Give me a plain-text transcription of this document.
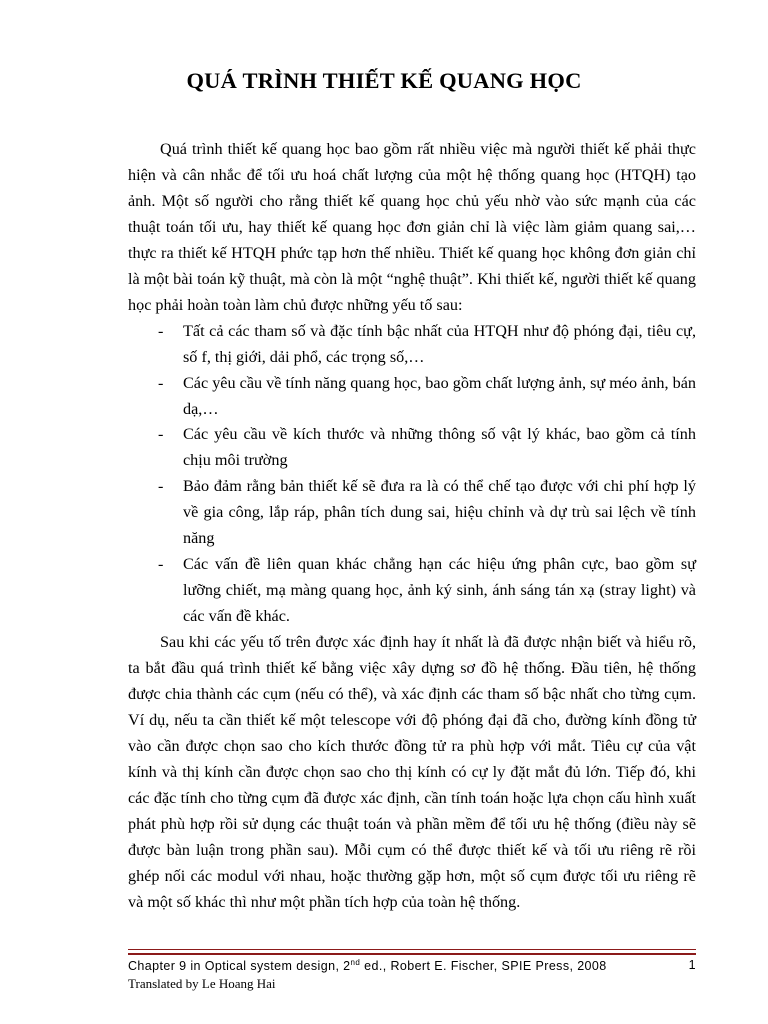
QUÁ TRÌNH THIẾT KẾ QUANG HỌC

Quá trình thiết kế quang học bao gồm rất nhiều việc mà người thiết kế phải thực hiện và cân nhắc để tối ưu hoá chất lượng của một hệ thống quang học (HTQH) tạo ảnh. Một số người cho rằng thiết kế quang học chủ yếu nhờ vào sức mạnh của các thuật toán tối ưu, hay thiết kế quang học đơn giản chỉ là việc làm giảm quang sai,… thực ra thiết kế HTQH phức tạp hơn thế nhiều. Thiết kế quang học không đơn giản chỉ là một bài toán kỹ thuật, mà còn là một “nghệ thuật”. Khi thiết kế, người thiết kế quang học phải hoàn toàn làm chủ được những yếu tố sau:

- Tất cả các tham số và đặc tính bậc nhất của HTQH như độ phóng đại, tiêu cự, số f, thị giới, dải phổ, các trọng số,…
- Các yêu cầu về tính năng quang học, bao gồm chất lượng ảnh, sự méo ảnh, bán dạ,…
- Các yêu cầu về kích thước và những thông số vật lý khác, bao gồm cả tính chịu môi trường
- Bảo đảm rằng bản thiết kế sẽ đưa ra là có thể chế tạo được với chi phí hợp lý về gia công, lắp ráp, phân tích dung sai, hiệu chỉnh và dự trù sai lệch về tính năng
- Các vấn đề liên quan khác chẳng hạn các hiệu ứng phân cực, bao gồm sự lưỡng chiết, mạ màng quang học, ảnh ký sinh, ánh sáng tán xạ (stray light) và các vấn đề khác.

Sau khi các yếu tố trên được xác định hay ít nhất là đã được nhận biết và hiểu rõ, ta bắt đầu quá trình thiết kế bằng việc xây dựng sơ đồ hệ thống. Đầu tiên, hệ thống được chia thành các cụm (nếu có thể), và xác định các tham số bậc nhất cho từng cụm. Ví dụ, nếu ta cần thiết kế một telescope với độ phóng đại đã cho, đường kính đồng tử vào cần được chọn sao cho kích thước đồng tử ra phù hợp với mắt. Tiêu cự của vật kính và thị kính cần được chọn sao cho thị kính có cự ly đặt mắt đủ lớn. Tiếp đó, khi các đặc tính cho từng cụm đã được xác định, cần tính toán hoặc lựa chọn cấu hình xuất phát phù hợp rồi sử dụng các thuật toán và phần mềm để tối ưu hệ thống (điều này sẽ được bàn luận trong phần sau). Mỗi cụm có thể được thiết kế và tối ưu riêng rẽ rồi ghép nối các modul với nhau, hoặc thường gặp hơn, một số cụm được tối ưu riêng rẽ và một số khác thì như một phần tích hợp của toàn hệ thống.

Chapter 9 in Optical system design, 2nd ed., Robert E. Fischer, SPIE Press, 2008	1
Translated by Le Hoang Hai
